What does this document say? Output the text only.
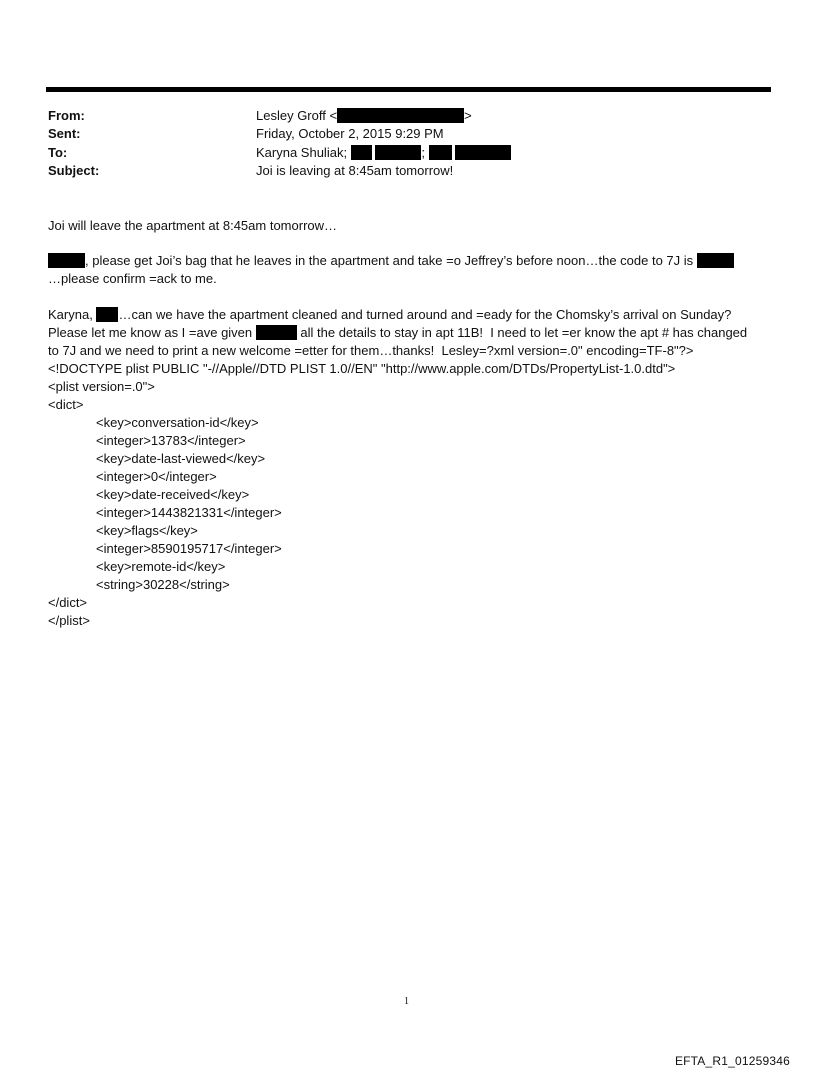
From:	Lesley Groff <	>
Sent:	Friday, October 2, 2015 9:29 PM
To:	Karyna Shuliak;	;
Subject:	Joi is leaving at 8:45am tomorrow!
Joi will leave the apartment at 8:45am tomorrow…
, please get Joi’s bag that he leaves in the apartment and take =o Jeffrey’s before noon…the code to 7J is
…please confirm =ack to me.
Karyna, …can we have the apartment cleaned and turned around and =eady for the Chomsky’s arrival on Sunday?
Please let me know as I =ave given	all the details to stay in apt 11B!  I need to let =er know the apt # has changed
to 7J and we need to print a new welcome =etter for them…thanks!  Lesley=?xml version=.0" encoding=TF-8"?>
<!DOCTYPE plist PUBLIC "-//Apple//DTD PLIST 1.0//EN" "http://www.apple.com/DTDs/PropertyList-1.0.dtd">
<plist version=.0">
<dict>
<key>conversation-id</key>
<integer>13783</integer>
<key>date-last-viewed</key>
<integer>0</integer>
<key>date-received</key>
<integer>1443821331</integer>
<key>flags</key>
<integer>8590195717</integer>
<key>remote-id</key>
<string>30228</string>
</dict>
</plist>
1
EFTA_R1_01259346
